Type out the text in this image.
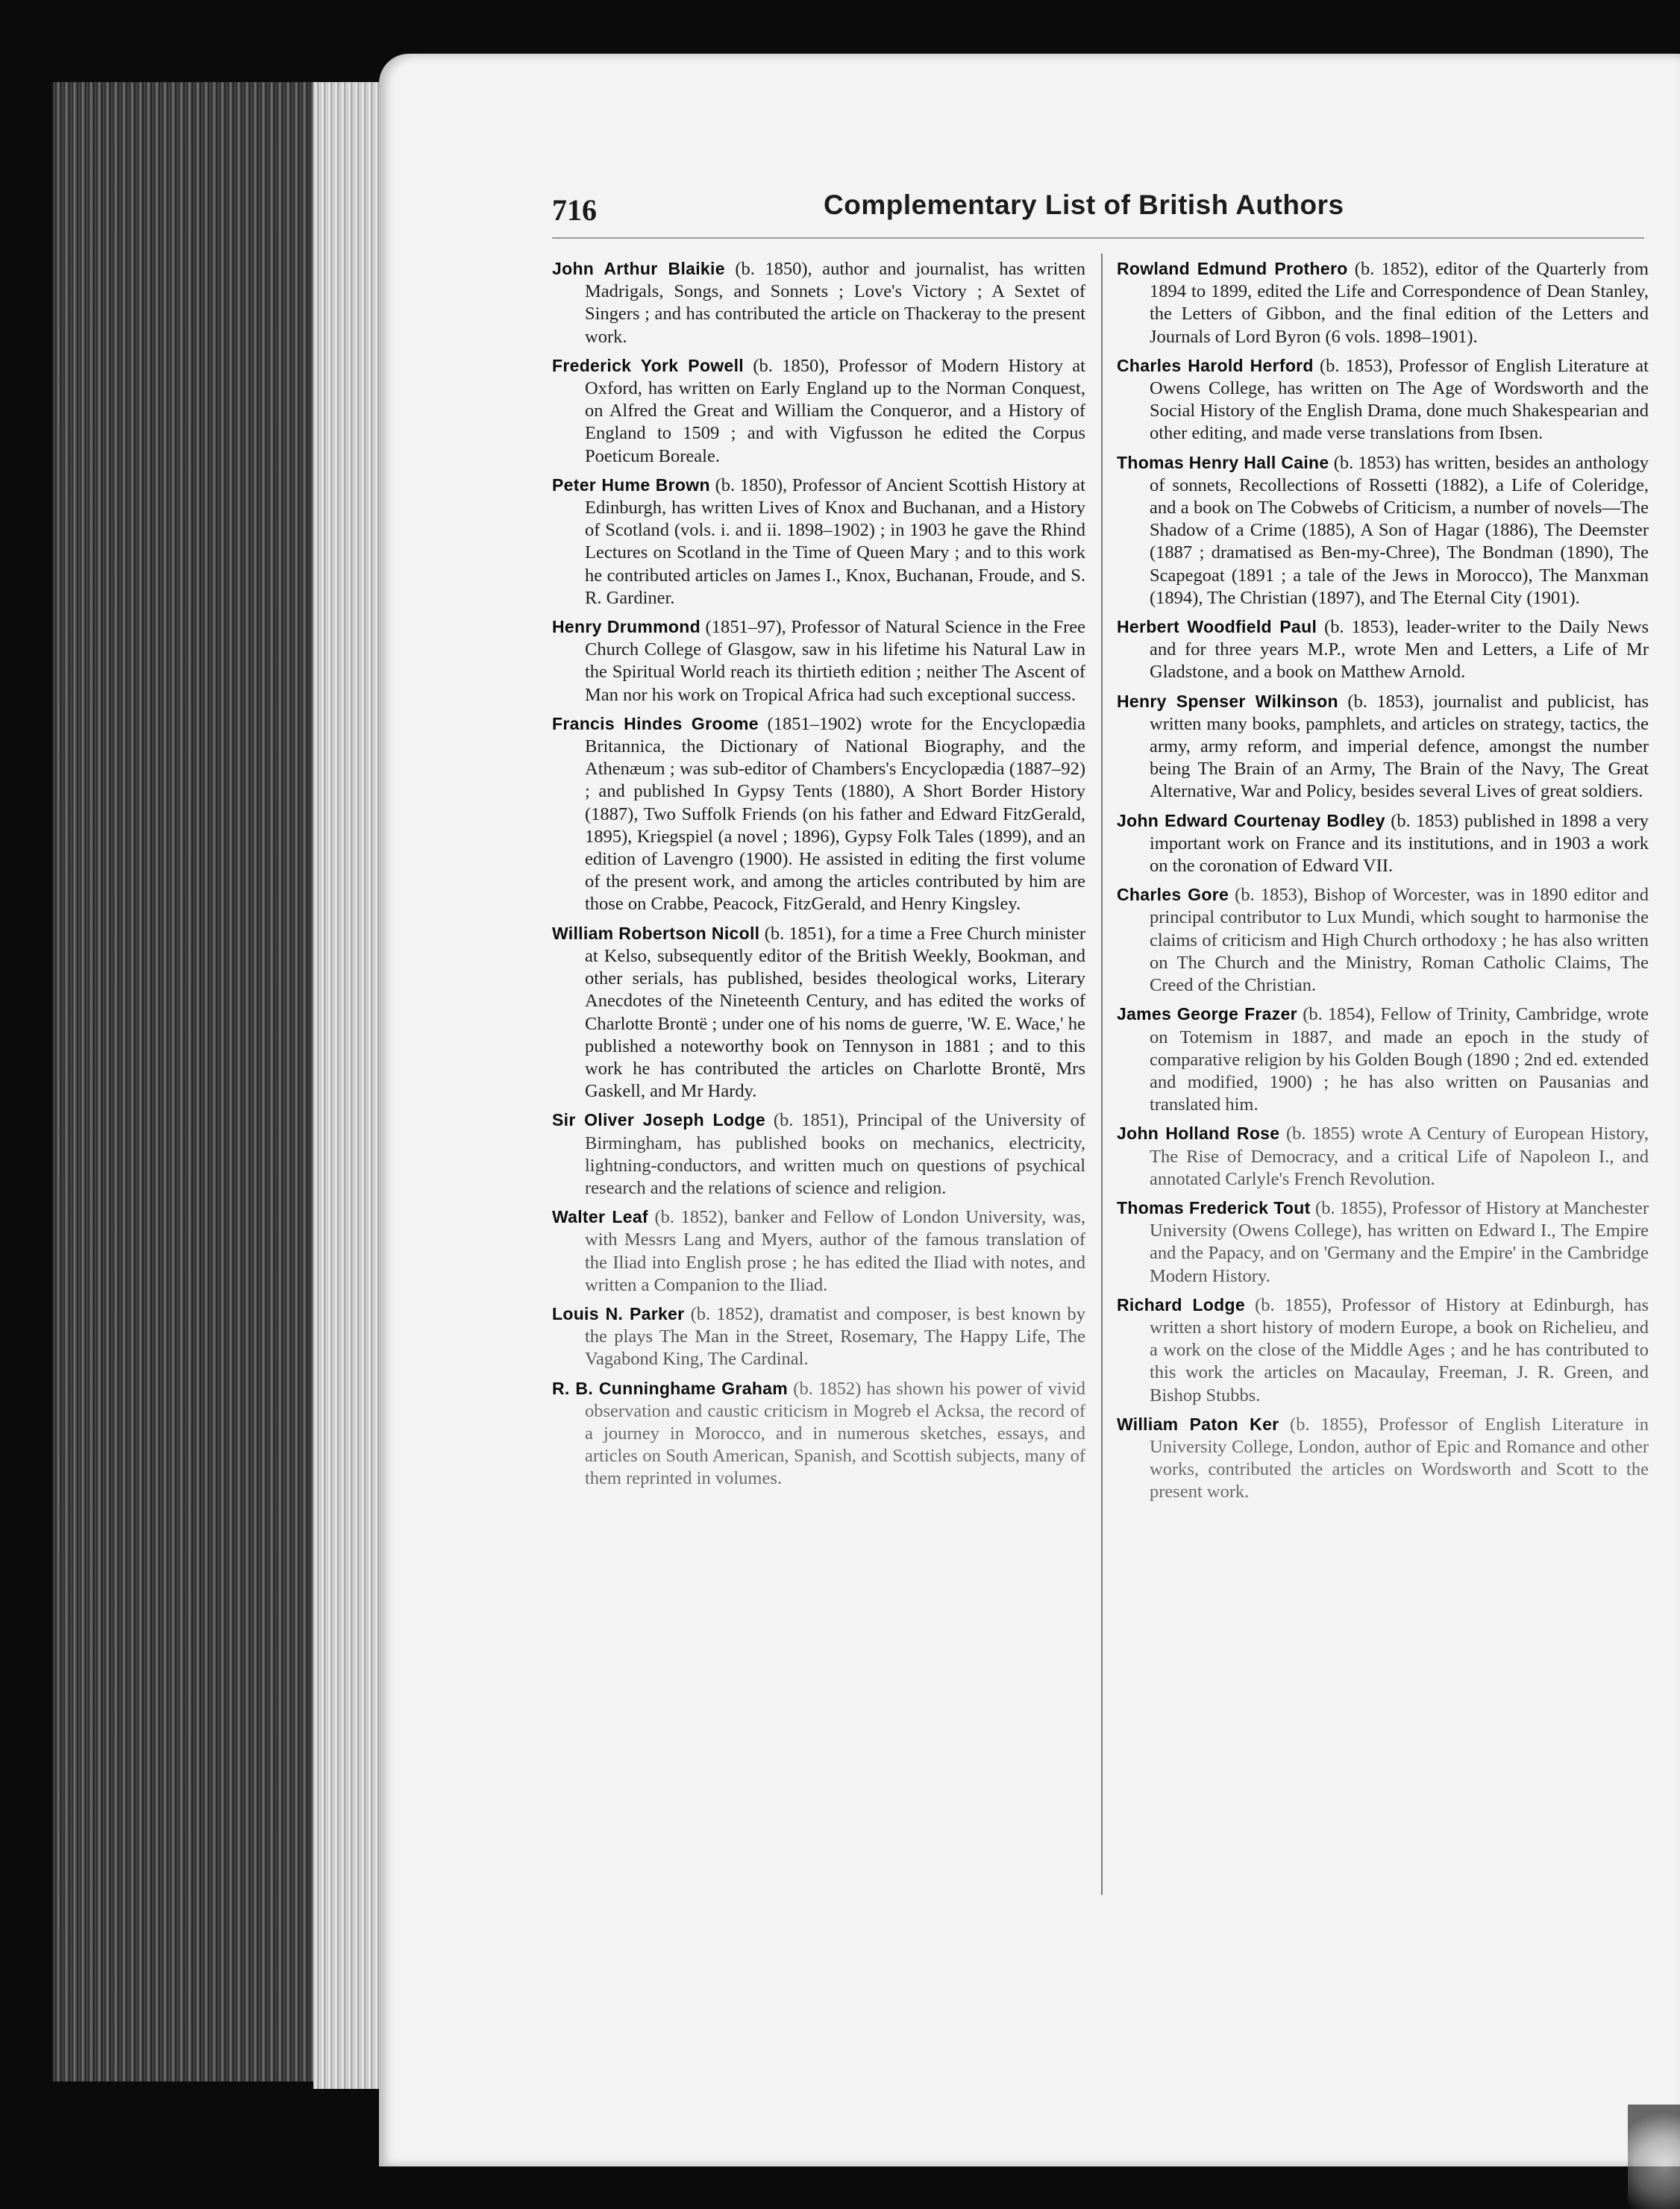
716	Complementary List of British Authors

John Arthur Blaikie (b. 1850), author and journalist, has written Madrigals, Songs, and Sonnets ; Love's Victory ; A Sextet of Singers ; and has contributed the article on Thackeray to the present work.

Frederick York Powell (b. 1850), Professor of Modern History at Oxford, has written on Early England up to the Norman Conquest, on Alfred the Great and William the Conqueror, and a History of England to 1509 ; and with Vigfusson he edited the Corpus Poeticum Boreale.

Peter Hume Brown (b. 1850), Professor of Ancient Scottish History at Edinburgh, has written Lives of Knox and Buchanan, and a History of Scotland (vols. i. and ii. 1898–1902) ; in 1903 he gave the Rhind Lectures on Scotland in the Time of Queen Mary ; and to this work he contributed articles on James I., Knox, Buchanan, Froude, and S. R. Gardiner.

Henry Drummond (1851–97), Professor of Natural Science in the Free Church College of Glasgow, saw in his lifetime his Natural Law in the Spiritual World reach its thirtieth edition ; neither The Ascent of Man nor his work on Tropical Africa had such exceptional success.

Francis Hindes Groome (1851–1902) wrote for the Encyclopædia Britannica, the Dictionary of National Biography, and the Athenæum ; was sub-editor of Chambers's Encyclopædia (1887–92) ; and published In Gypsy Tents (1880), A Short Border History (1887), Two Suffolk Friends (on his father and Edward FitzGerald, 1895), Kriegspiel (a novel ; 1896), Gypsy Folk Tales (1899), and an edition of Lavengro (1900). He assisted in editing the first volume of the present work, and among the articles contributed by him are those on Crabbe, Peacock, FitzGerald, and Henry Kingsley.

William Robertson Nicoll (b. 1851), for a time a Free Church minister at Kelso, subsequently editor of the British Weekly, Bookman, and other serials, has published, besides theological works, Literary Anecdotes of the Nineteenth Century, and has edited the works of Charlotte Brontë ; under one of his noms de guerre, 'W. E. Wace,' he published a noteworthy book on Tennyson in 1881 ; and to this work he has contributed the articles on Charlotte Brontë, Mrs Gaskell, and Mr Hardy.

Sir Oliver Joseph Lodge (b. 1851), Principal of the University of Birmingham, has published books on mechanics, electricity, lightning-conductors, and written much on questions of psychical research and the relations of science and religion.

Walter Leaf (b. 1852), banker and Fellow of London University, was, with Messrs Lang and Myers, author of the famous translation of the Iliad into English prose ; he has edited the Iliad with notes, and written a Companion to the Iliad.

Louis N. Parker (b. 1852), dramatist and composer, is best known by the plays The Man in the Street, Rosemary, The Happy Life, The Vagabond King, The Cardinal.

R. B. Cunninghame Graham (b. 1852) has shown his power of vivid observation and caustic criticism in Mogreb el Acksa, the record of a journey in Morocco, and in numerous sketches, essays, and articles on South American, Spanish, and Scottish subjects, many of them reprinted in volumes.

Rowland Edmund Prothero (b. 1852), editor of the Quarterly from 1894 to 1899, edited the Life and Correspondence of Dean Stanley, the Letters of Gibbon, and the final edition of the Letters and Journals of Lord Byron (6 vols. 1898–1901).

Charles Harold Herford (b. 1853), Professor of English Literature at Owens College, has written on The Age of Wordsworth and the Social History of the English Drama, done much Shakespearian and other editing, and made verse translations from Ibsen.

Thomas Henry Hall Caine (b. 1853) has written, besides an anthology of sonnets, Recollections of Rossetti (1882), a Life of Coleridge, and a book on The Cobwebs of Criticism, a number of novels—The Shadow of a Crime (1885), A Son of Hagar (1886), The Deemster (1887 ; dramatised as Ben-my-Chree), The Bondman (1890), The Scapegoat (1891 ; a tale of the Jews in Morocco), The Manxman (1894), The Christian (1897), and The Eternal City (1901).

Herbert Woodfield Paul (b. 1853), leader-writer to the Daily News and for three years M.P., wrote Men and Letters, a Life of Mr Gladstone, and a book on Matthew Arnold.

Henry Spenser Wilkinson (b. 1853), journalist and publicist, has written many books, pamphlets, and articles on strategy, tactics, the army, army reform, and imperial defence, amongst the number being The Brain of an Army, The Brain of the Navy, The Great Alternative, War and Policy, besides several Lives of great soldiers.

John Edward Courtenay Bodley (b. 1853) published in 1898 a very important work on France and its institutions, and in 1903 a work on the coronation of Edward VII.

Charles Gore (b. 1853), Bishop of Worcester, was in 1890 editor and principal contributor to Lux Mundi, which sought to harmonise the claims of criticism and High Church orthodoxy ; he has also written on The Church and the Ministry, Roman Catholic Claims, The Creed of the Christian.

James George Frazer (b. 1854), Fellow of Trinity, Cambridge, wrote on Totemism in 1887, and made an epoch in the study of comparative religion by his Golden Bough (1890 ; 2nd ed. extended and modified, 1900) ; he has also written on Pausanias and translated him.

John Holland Rose (b. 1855) wrote A Century of European History, The Rise of Democracy, and a critical Life of Napoleon I., and annotated Carlyle's French Revolution.

Thomas Frederick Tout (b. 1855), Professor of History at Manchester University (Owens College), has written on Edward I., The Empire and the Papacy, and on 'Germany and the Empire' in the Cambridge Modern History.

Richard Lodge (b. 1855), Professor of History at Edinburgh, has written a short history of modern Europe, a book on Richelieu, and a work on the close of the Middle Ages ; and he has contributed to this work the articles on Macaulay, Freeman, J. R. Green, and Bishop Stubbs.

William Paton Ker (b. 1855), Professor of English Literature in University College, London, author of Epic and Romance and other works, contributed the articles on Wordsworth and Scott to the present work.
